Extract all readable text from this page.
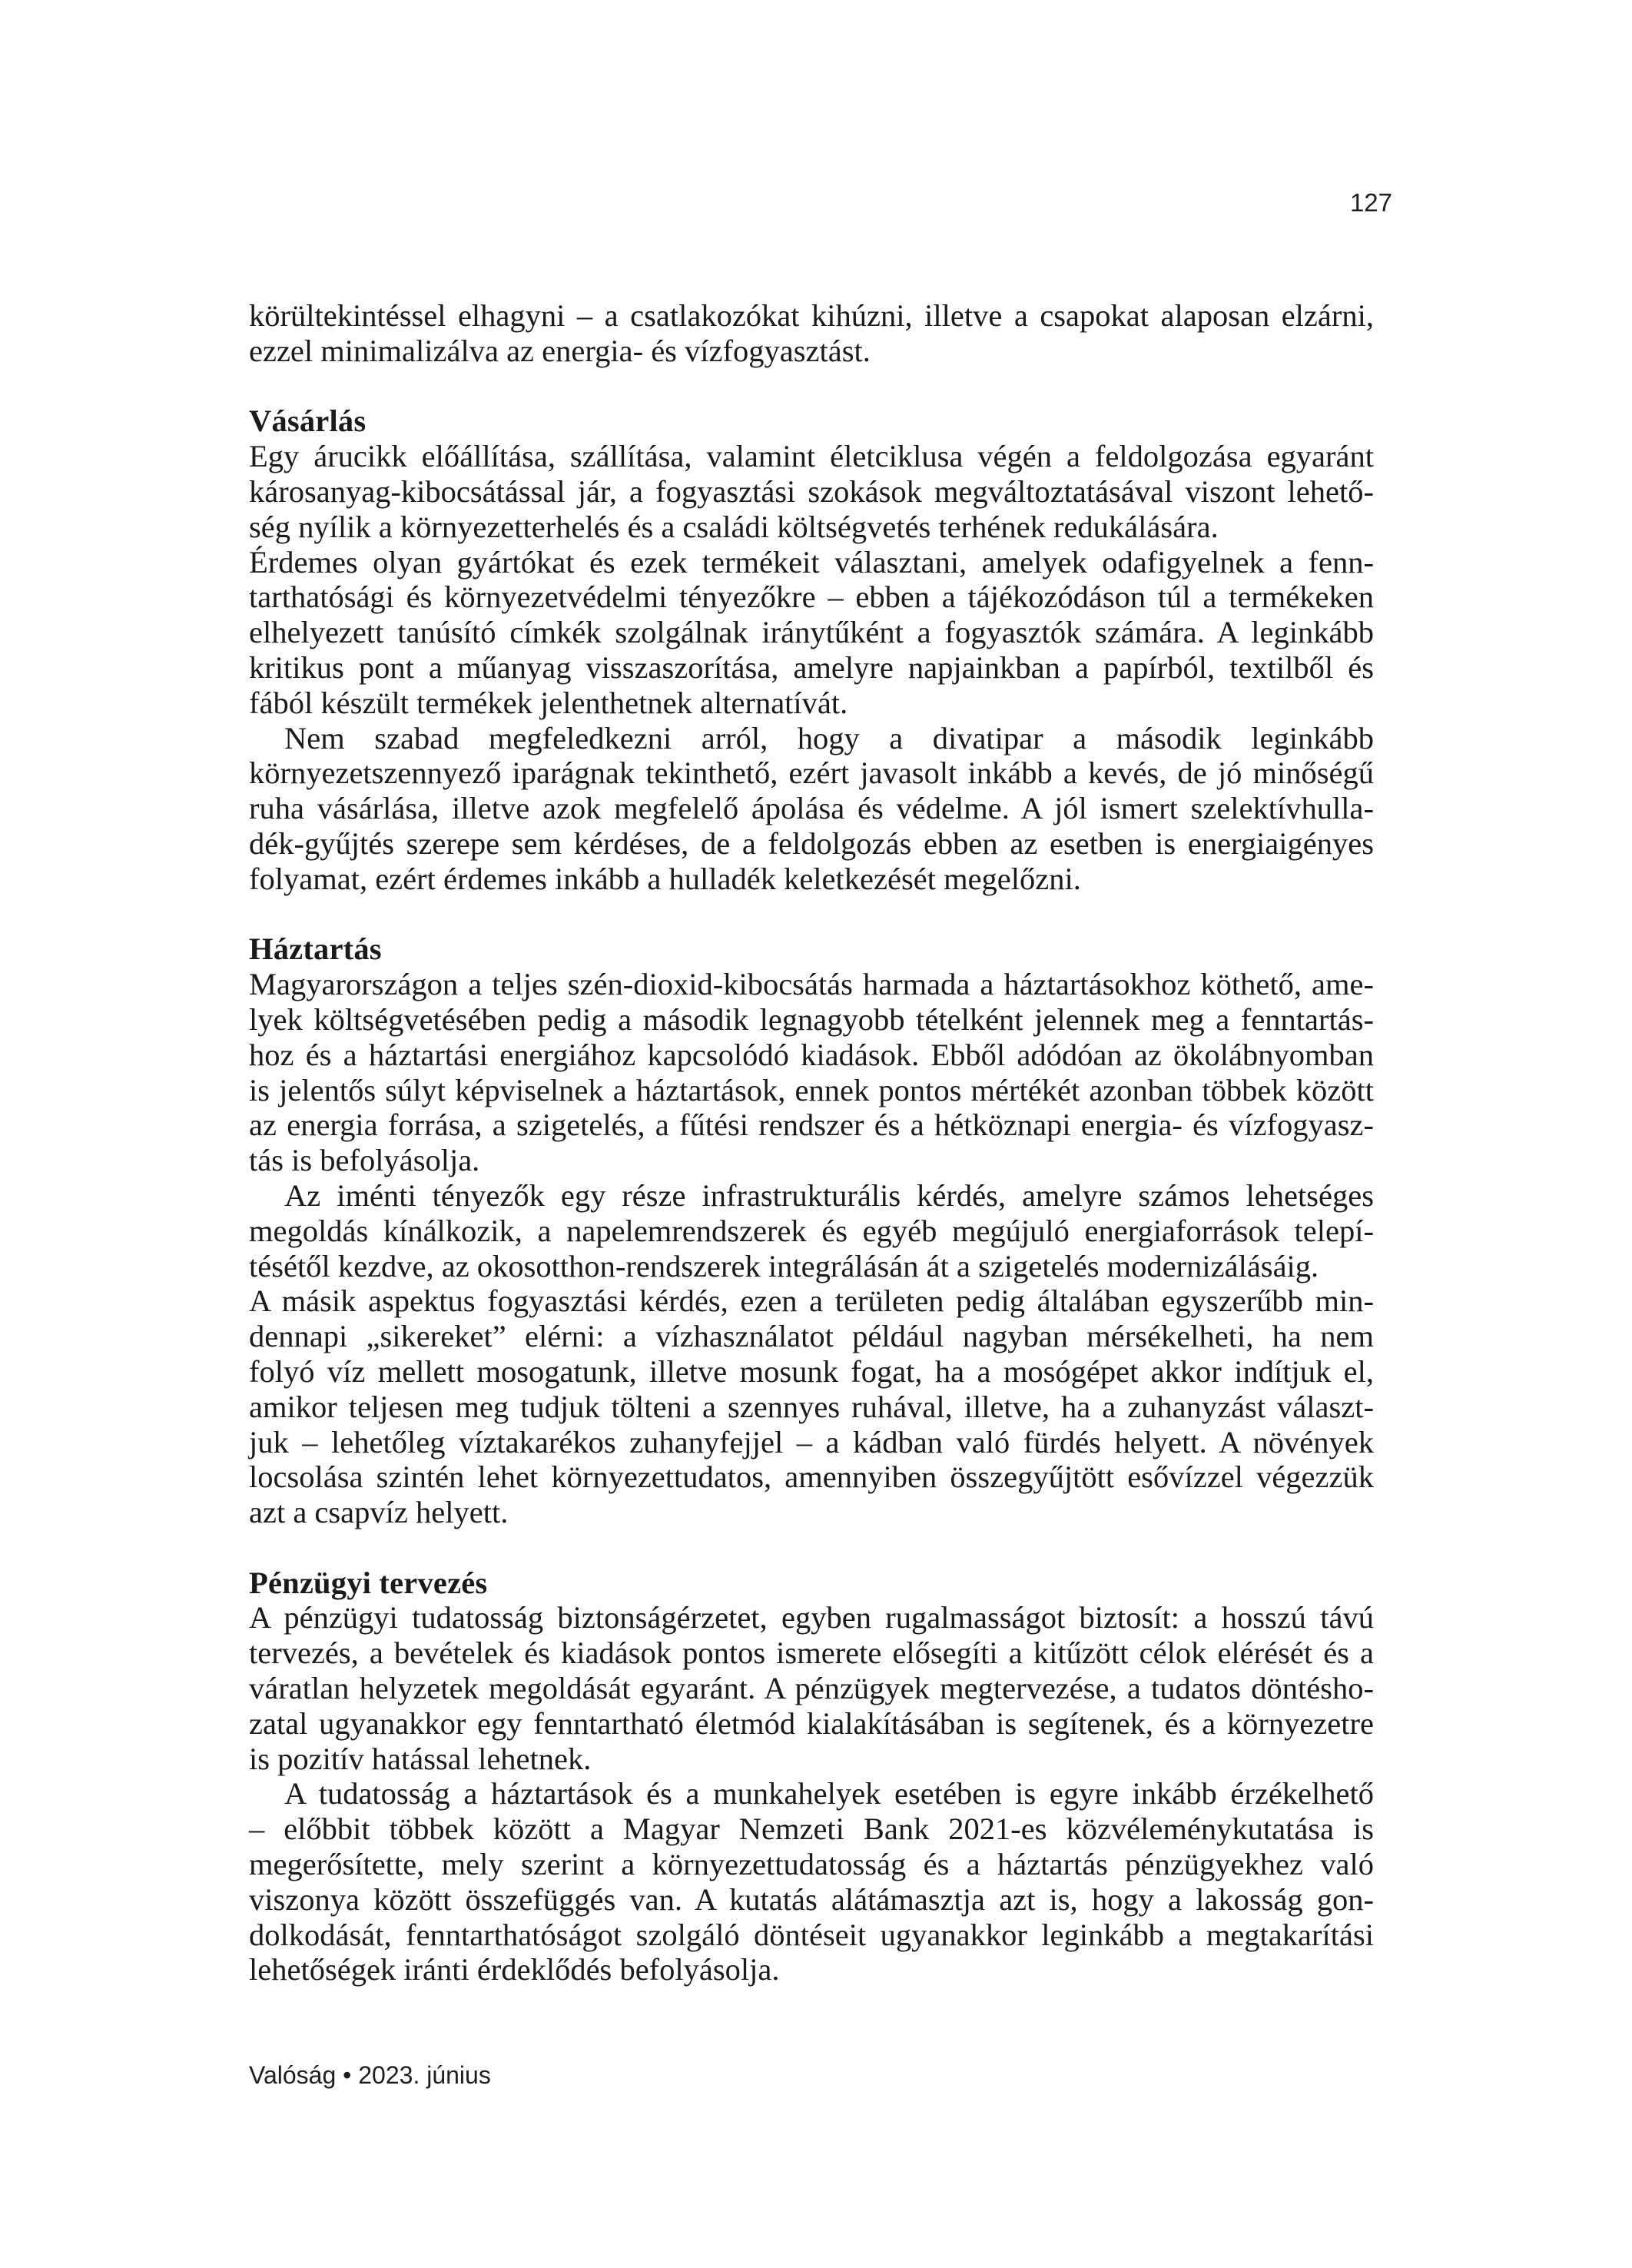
127
körültekintéssel elhagyni – a csatlakozókat kihúzni, illetve a csapokat alaposan elzárni,
ezzel minimalizálva az energia- és vízfogyasztást.
Vásárlás
Egy árucikk előállítása, szállítása, valamint életciklusa végén a feldolgozása egyaránt
károsanyag-kibocsátással jár, a fogyasztási szokások megváltoztatásával viszont lehető-
ség nyílik a környezetterhelés és a családi költségvetés terhének redukálására.
Érdemes olyan gyártókat és ezek termékeit választani, amelyek odafigyelnek a fenn-
tarthatósági és környezetvédelmi tényezőkre – ebben a tájékozódáson túl a termékeken
elhelyezett tanúsító címkék szolgálnak iránytűként a fogyasztók számára. A leginkább
kritikus pont a műanyag visszaszorítása, amelyre napjainkban a papírból, textilből és
fából készült termékek jelenthetnek alternatívát.
Nem szabad megfeledkezni arról, hogy a divatipar a második leginkább
környezetszennyező iparágnak tekinthető, ezért javasolt inkább a kevés, de jó minőségű
ruha vásárlása, illetve azok megfelelő ápolása és védelme. A jól ismert szelektívhulla-
dék-gyűjtés szerepe sem kérdéses, de a feldolgozás ebben az esetben is energiaigényes
folyamat, ezért érdemes inkább a hulladék keletkezését megelőzni.
Háztartás
Magyarországon a teljes szén-dioxid-kibocsátás harmada a háztartásokhoz köthető, ame-
lyek költségvetésében pedig a második legnagyobb tételként jelennek meg a fenntartás-
hoz és a háztartási energiához kapcsolódó kiadások. Ebből adódóan az ökolábnyomban
is jelentős súlyt képviselnek a háztartások, ennek pontos mértékét azonban többek között
az energia forrása, a szigetelés, a fűtési rendszer és a hétköznapi energia- és vízfogyasz-
tás is befolyásolja.
Az iménti tényezők egy része infrastrukturális kérdés, amelyre számos lehetséges
megoldás kínálkozik, a napelemrendszerek és egyéb megújuló energiaforrások telepí-
tésétől kezdve, az okosotthon-rendszerek integrálásán át a szigetelés modernizálásáig.
A másik aspektus fogyasztási kérdés, ezen a területen pedig általában egyszerűbb min-
dennapi „sikereket” elérni: a vízhasználatot például nagyban mérsékelheti, ha nem
folyó víz mellett mosogatunk, illetve mosunk fogat, ha a mosógépet akkor indítjuk el,
amikor teljesen meg tudjuk tölteni a szennyes ruhával, illetve, ha a zuhanyzást választ-
juk – lehetőleg víztakarékos zuhanyfejjel – a kádban való fürdés helyett. A növények
locsolása szintén lehet környezettudatos, amennyiben összegyűjtött esővízzel végezzük
azt a csapvíz helyett.
Pénzügyi tervezés
A pénzügyi tudatosság biztonságérzetet, egyben rugalmasságot biztosít: a hosszú távú
tervezés, a bevételek és kiadások pontos ismerete elősegíti a kitűzött célok elérését és a
váratlan helyzetek megoldását egyaránt. A pénzügyek megtervezése, a tudatos döntésho-
zatal ugyanakkor egy fenntartható életmód kialakításában is segítenek, és a környezetre
is pozitív hatással lehetnek.
A tudatosság a háztartások és a munkahelyek esetében is egyre inkább érzékelhető
– előbbit többek között a Magyar Nemzeti Bank 2021-es közvéleménykutatása is
megerősítette, mely szerint a környezettudatosság és a háztartás pénzügyekhez való
viszonya között összefüggés van. A kutatás alátámasztja azt is, hogy a lakosság gon-
dolkodását, fenntarthatóságot szolgáló döntéseit ugyanakkor leginkább a megtakarítási
lehetőségek iránti érdeklődés befolyásolja.
Valóság • 2023. június
